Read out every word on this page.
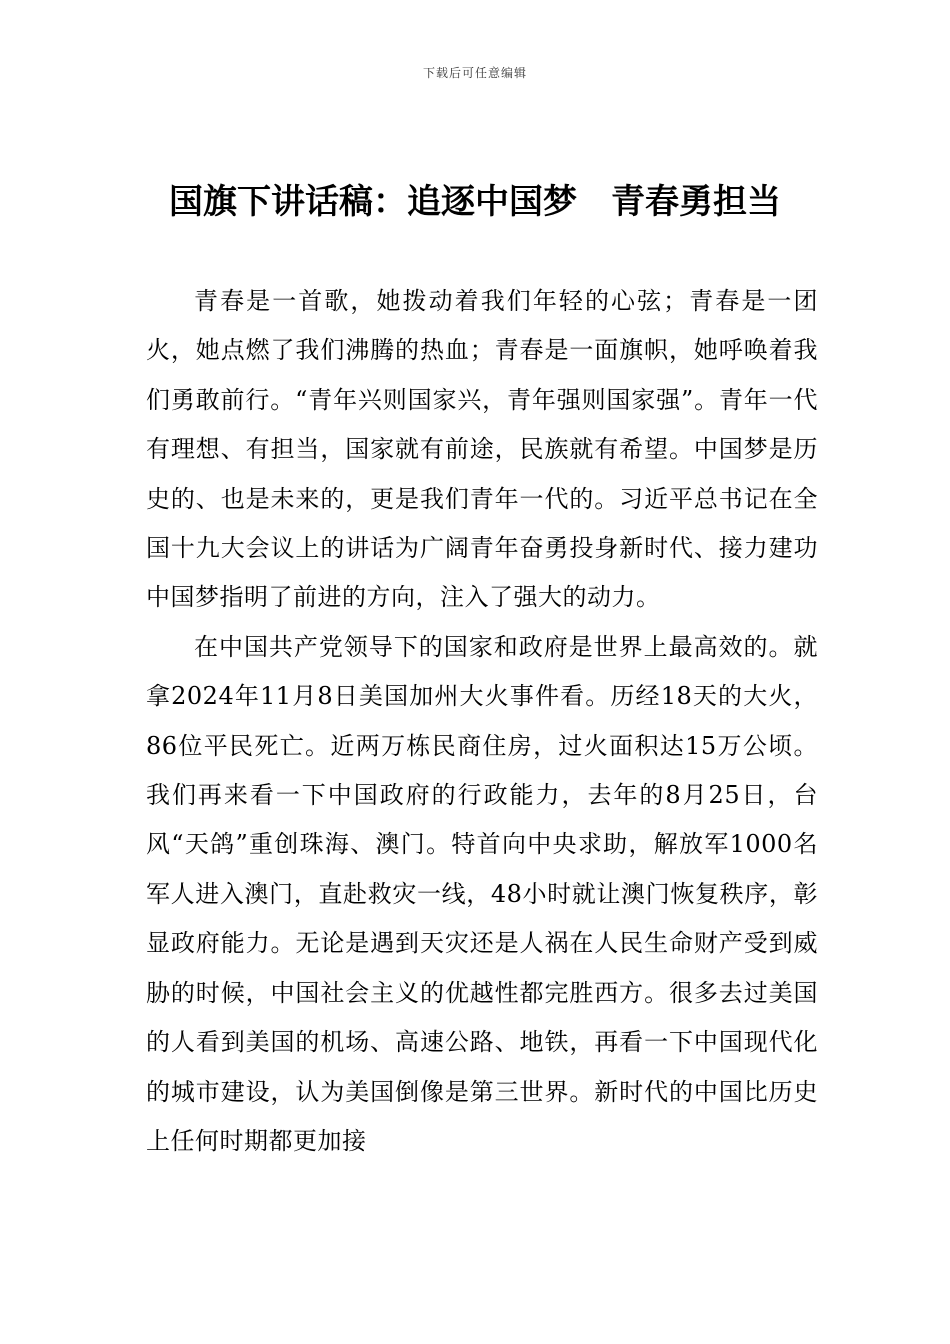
下载后可任意编辑
国旗下讲话稿：追逐中国梦　青春勇担当

青春是一首歌，她拨动着我们年轻的心弦；青春是一团火，她点燃了我们沸腾的热血；青春是一面旗帜，她呼唤着我们勇敢前行。“青年兴则国家兴，青年强则国家强”。青年一代有理想、有担当，国家就有前途，民族就有希望。中国梦是历史的、也是未来的，更是我们青年一代的。习近平总书记在全国十九大会议上的讲话为广阔青年奋勇投身新时代、接力建功中国梦指明了前进的方向，注入了强大的动力。

在中国共产党领导下的国家和政府是世界上最高效的。就拿2024年11月8日美国加州大火事件看。历经18天的大火，86位平民死亡。近两万栋民商住房，过火面积达15万公顷。我们再来看一下中国政府的行政能力，去年的8月25日，台风“天鸽”重创珠海、澳门。特首向中央求助，解放军1000名军人进入澳门，直赴救灾一线，48小时就让澳门恢复秩序，彰显政府能力。无论是遇到天灾还是人祸在人民生命财产受到威胁的时候，中国社会主义的优越性都完胜西方。很多去过美国的人看到美国的机场、高速公路、地铁，再看一下中国现代化的城市建设，认为美国倒像是第三世界。新时代的中国比历史上任何时期都更加接
